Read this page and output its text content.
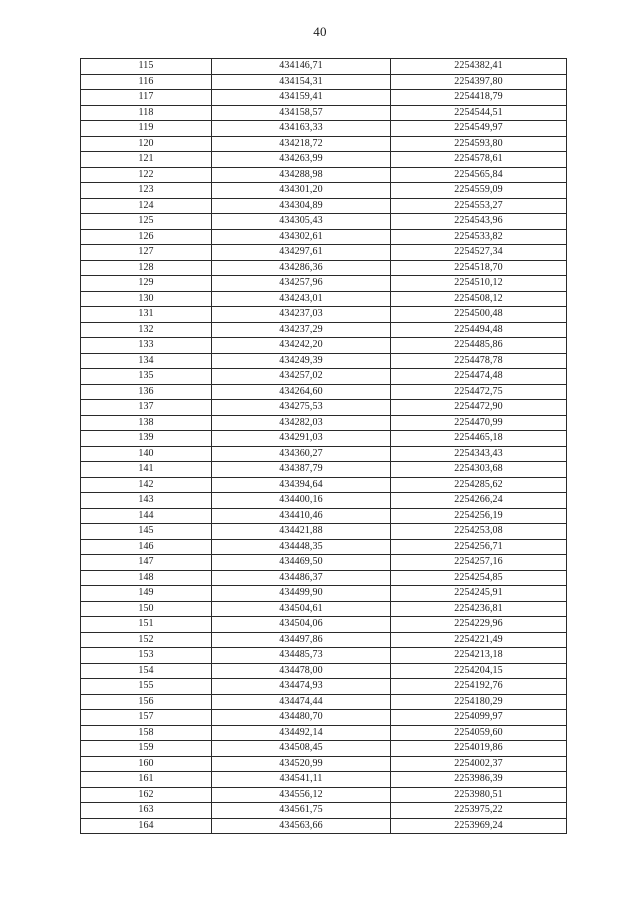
40
115	434146,71	2254382,41
116	434154,31	2254397,80
117	434159,41	2254418,79
118	434158,57	2254544,51
119	434163,33	2254549,97
120	434218,72	2254593,80
121	434263,99	2254578,61
122	434288,98	2254565,84
123	434301,20	2254559,09
124	434304,89	2254553,27
125	434305,43	2254543,96
126	434302,61	2254533,82
127	434297,61	2254527,34
128	434286,36	2254518,70
129	434257,96	2254510,12
130	434243,01	2254508,12
131	434237,03	2254500,48
132	434237,29	2254494,48
133	434242,20	2254485,86
134	434249,39	2254478,78
135	434257,02	2254474,48
136	434264,60	2254472,75
137	434275,53	2254472,90
138	434282,03	2254470,99
139	434291,03	2254465,18
140	434360,27	2254343,43
141	434387,79	2254303,68
142	434394,64	2254285,62
143	434400,16	2254266,24
144	434410,46	2254256,19
145	434421,88	2254253,08
146	434448,35	2254256,71
147	434469,50	2254257,16
148	434486,37	2254254,85
149	434499,90	2254245,91
150	434504,61	2254236,81
151	434504,06	2254229,96
152	434497,86	2254221,49
153	434485,73	2254213,18
154	434478,00	2254204,15
155	434474,93	2254192,76
156	434474,44	2254180,29
157	434480,70	2254099,97
158	434492,14	2254059,60
159	434508,45	2254019,86
160	434520,99	2254002,37
161	434541,11	2253986,39
162	434556,12	2253980,51
163	434561,75	2253975,22
164	434563,66	2253969,24
